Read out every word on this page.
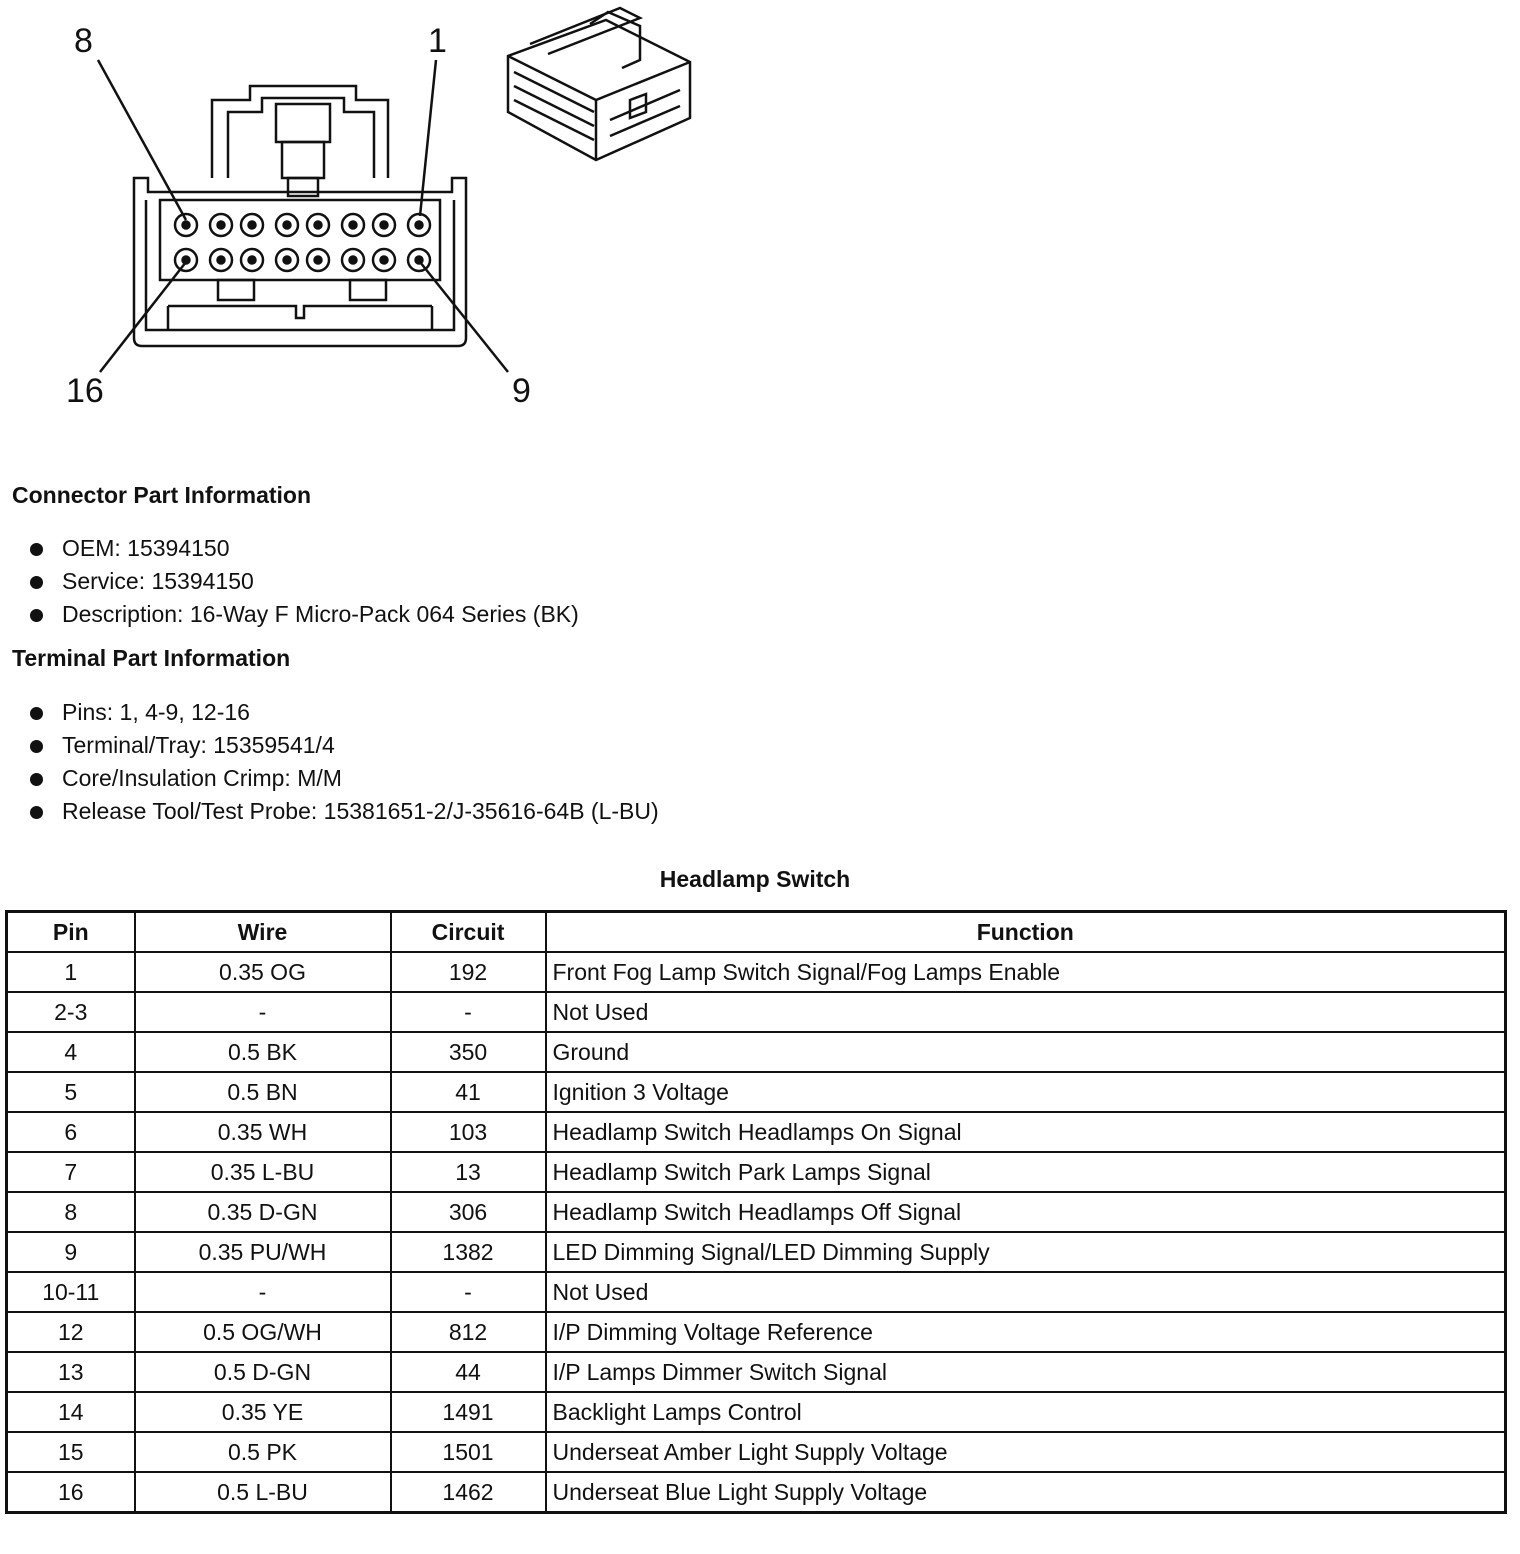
8	1
16	9
Connector Part Information
OEM: 15394150
Service: 15394150
Description: 16-Way F Micro-Pack 064 Series (BK)
Terminal Part Information
Pins: 1, 4-9, 12-16
Terminal/Tray: 15359541/4
Core/Insulation Crimp: M/M
Release Tool/Test Probe: 15381651-2/J-35616-64B (L-BU)
Headlamp Switch
Pin	Wire	Circuit	Function
1	0.35 OG	192	Front Fog Lamp Switch Signal/Fog Lamps Enable
2-3	-	-	Not Used
4	0.5 BK	350	Ground
5	0.5 BN	41	Ignition 3 Voltage
6	0.35 WH	103	Headlamp Switch Headlamps On Signal
7	0.35 L-BU	13	Headlamp Switch Park Lamps Signal
8	0.35 D-GN	306	Headlamp Switch Headlamps Off Signal
9	0.35 PU/WH	1382	LED Dimming Signal/LED Dimming Supply
10-11	-	-	Not Used
12	0.5 OG/WH	812	I/P Dimming Voltage Reference
13	0.5 D-GN	44	I/P Lamps Dimmer Switch Signal
14	0.35 YE	1491	Backlight Lamps Control
15	0.5 PK	1501	Underseat Amber Light Supply Voltage
16	0.5 L-BU	1462	Underseat Blue Light Supply Voltage
